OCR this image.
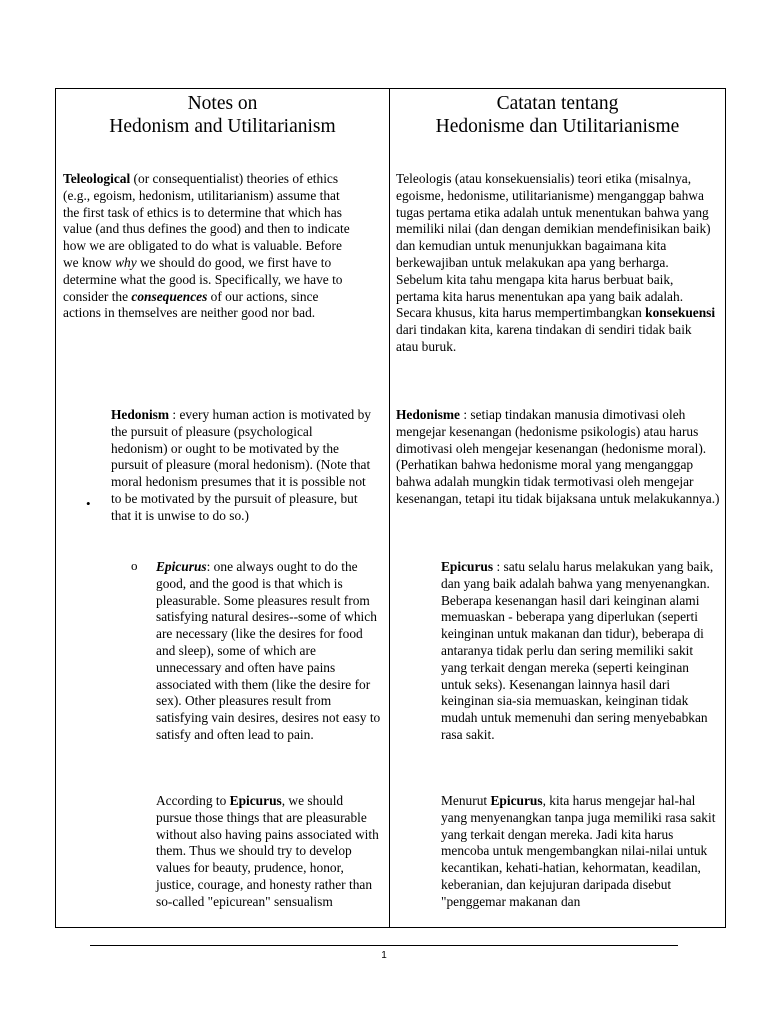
Notes on
Hedonism and Utilitarianism

Teleological (or consequentialist) theories of ethics (e.g., egoism, hedonism, utilitarianism) assume that the first task of ethics is to determine that which has value (and thus defines the good) and then to indicate how we are obligated to do what is valuable. Before we know why we should do good, we first have to determine what the good is. Specifically, we have to consider the consequences of our actions, since actions in themselves are neither good nor bad.

•

Hedonism : every human action is motivated by the pursuit of pleasure (psychological hedonism) or ought to be motivated by the pursuit of pleasure (moral hedonism). (Note that moral hedonism presumes that it is possible not to be motivated by the pursuit of pleasure, but that it is unwise to do so.)

o Epicurus: one always ought to do the good, and the good is that which is pleasurable. Some pleasures result from satisfying natural desires--some of which are necessary (like the desires for food and sleep), some of which are unnecessary and often have pains associated with them (like the desire for sex). Other pleasures result from satisfying vain desires, desires not easy to satisfy and often lead to pain.

According to Epicurus, we should pursue those things that are pleasurable without also having pains associated with them. Thus we should try to develop values for beauty, prudence, honor, justice, courage, and honesty rather than so-called "epicurean" sensualism

Catatan tentang
Hedonisme dan Utilitarianisme

Teleologis (atau konsekuensialis) teori etika (misalnya, egoisme, hedonisme, utilitarianisme) menganggap bahwa tugas pertama etika adalah untuk menentukan bahwa yang memiliki nilai (dan dengan demikian mendefinisikan baik) dan kemudian untuk menunjukkan bagaimana kita berkewajiban untuk melakukan apa yang berharga. Sebelum kita tahu mengapa kita harus berbuat baik, pertama kita harus menentukan apa yang baik adalah. Secara khusus, kita harus mempertimbangkan konsekuensi dari tindakan kita, karena tindakan di sendiri tidak baik atau buruk.

Hedonisme : setiap tindakan manusia dimotivasi oleh mengejar kesenangan (hedonisme psikologis) atau harus dimotivasi oleh mengejar kesenangan (hedonisme moral). (Perhatikan bahwa hedonisme moral yang menganggap bahwa adalah mungkin tidak termotivasi oleh mengejar kesenangan, tetapi itu tidak bijaksana untuk melakukannya.)

Epicurus : satu selalu harus melakukan yang baik, dan yang baik adalah bahwa yang menyenangkan. Beberapa kesenangan hasil dari keinginan alami memuaskan - beberapa yang diperlukan (seperti keinginan untuk makanan dan tidur), beberapa di antaranya tidak perlu dan sering memiliki sakit yang terkait dengan mereka (seperti keinginan untuk seks). Kesenangan lainnya hasil dari keinginan sia-sia memuaskan, keinginan tidak mudah untuk memenuhi dan sering menyebabkan rasa sakit.

Menurut Epicurus, kita harus mengejar hal-hal yang menyenangkan tanpa juga memiliki rasa sakit yang terkait dengan mereka. Jadi kita harus mencoba untuk mengembangkan nilai-nilai untuk kecantikan, kehati-hatian, kehormatan, keadilan, keberanian, dan kejujuran daripada disebut "penggemar makanan dan

1
